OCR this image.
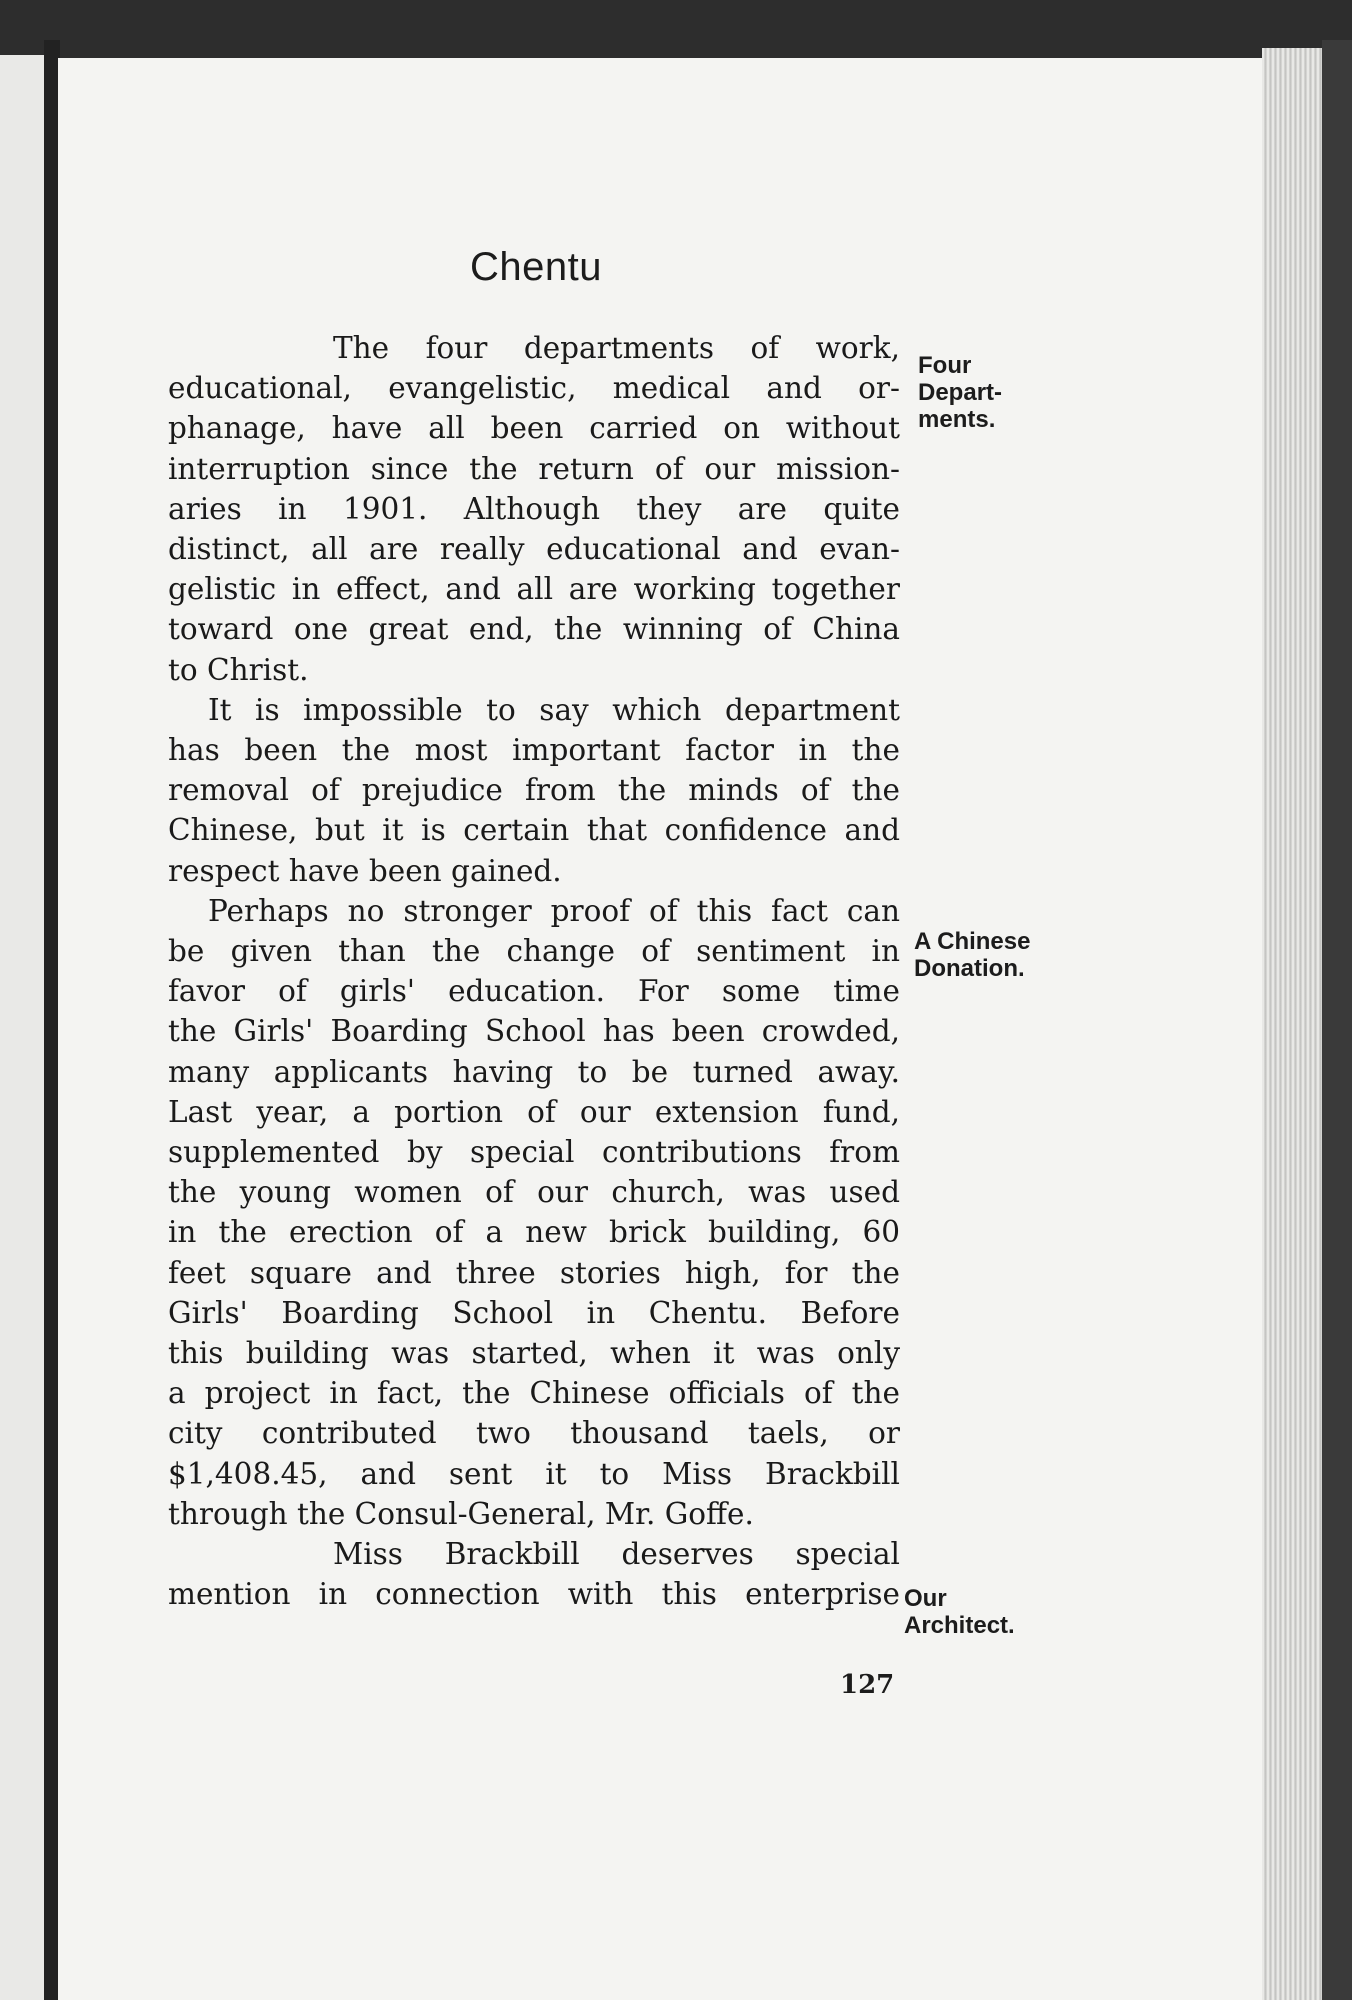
Chentu
The four departments of work,
educational, evangelistic, medical and or-
phanage, have all been carried on without
interruption since the return of our mission-
aries in 1901. Although they are quite
distinct, all are really educational and evan-
gelistic in effect, and all are working together
toward one great end, the winning of China
to Christ.
It is impossible to say which department
has been the most important factor in the
removal of prejudice from the minds of the
Chinese, but it is certain that confidence and
respect have been gained.
Perhaps no stronger proof of this fact can
be given than the change of sentiment in
favor of girls' education. For some time
the Girls' Boarding School has been crowded,
many applicants having to be turned away.
Last year, a portion of our extension fund,
supplemented by special contributions from
the young women of our church, was used
in the erection of a new brick building, 60
feet square and three stories high, for the
Girls' Boarding School in Chentu. Before
this building was started, when it was only
a project in fact, the Chinese officials of the
city contributed two thousand taels, or
$1,408.45, and sent it to Miss Brackbill
through the Consul-General, Mr. Goffe.
Miss Brackbill deserves special
mention in connection with this enterprise
Four
Depart-
ments.
A Chinese
Donation.
Our
Architect.
127
